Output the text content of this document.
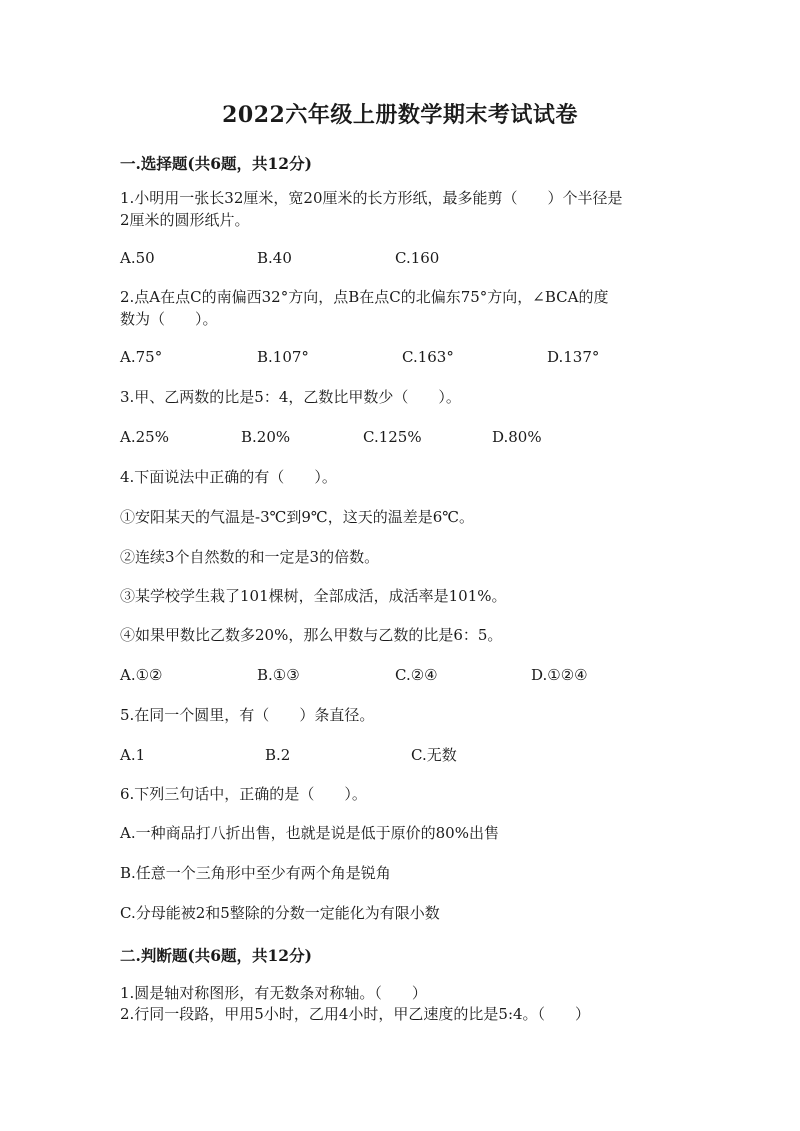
2022六年级上册数学期末考试试卷
一.选择题(共6题，共12分)
1.小明用一张长32厘米，宽20厘米的长方形纸，最多能剪（　　）个半径是
2厘米的圆形纸片。
A.50	B.40	C.160
2.点A在点C的南偏西32°方向，点B在点C的北偏东75°方向，∠BCA的度
数为（　　）。
A.75°	B.107°	C.163°	D.137°
3.甲、乙两数的比是5：4，乙数比甲数少（　　）。
A.25%	B.20%	C.125%	D.80%
4.下面说法中正确的有（　　）。
①安阳某天的气温是-3℃到9℃，这天的温差是6℃。
②连续3个自然数的和一定是3的倍数。
③某学校学生栽了101棵树，全部成活，成活率是101%。
④如果甲数比乙数多20%，那么甲数与乙数的比是6：5。
A.①②	B.①③	C.②④	D.①②④
5.在同一个圆里，有（　　）条直径。
A.1	B.2	C.无数
6.下列三句话中，正确的是（　　）。
A.一种商品打八折出售，也就是说是低于原价的80%出售
B.任意一个三角形中至少有两个角是锐角
C.分母能被2和5整除的分数一定能化为有限小数
二.判断题(共6题，共12分)
1.圆是轴对称图形，有无数条对称轴。（　　）
2.行同一段路，甲用5小时，乙用4小时，甲乙速度的比是5:4。（　　）
